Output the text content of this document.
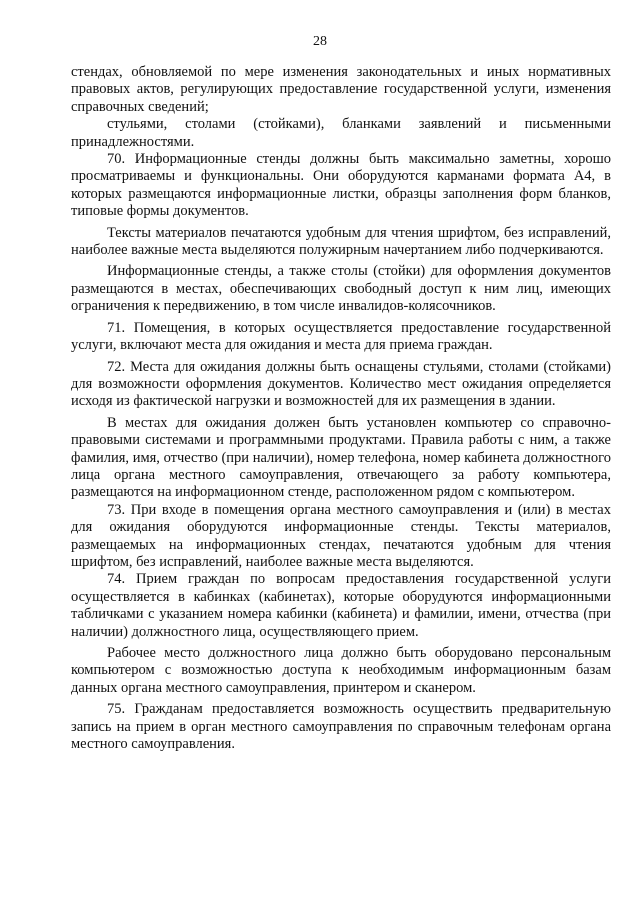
28

стендах, обновляемой по мере изменения законодательных и иных нормативных правовых актов, регулирующих предоставление государственной услуги, изменения справочных сведений;

стульями, столами (стойками), бланками заявлений и письменными принадлежностями.

70. Информационные стенды должны быть максимально заметны, хорошо просматриваемы и функциональны. Они оборудуются карманами формата А4, в которых размещаются информационные листки, образцы заполнения форм бланков, типовые формы документов.

Тексты материалов печатаются удобным для чтения шрифтом, без исправлений, наиболее важные места выделяются полужирным начертанием либо подчеркиваются.

Информационные стенды, а также столы (стойки) для оформления документов размещаются в местах, обеспечивающих свободный доступ к ним лиц, имеющих ограничения к передвижению, в том числе инвалидов-колясочников.

71. Помещения, в которых осуществляется предоставление государственной услуги, включают места для ожидания и места для приема граждан.

72. Места для ожидания должны быть оснащены стульями, столами (стойками) для возможности оформления документов. Количество мест ожидания определяется исходя из фактической нагрузки и возможностей для их размещения в здании.

В местах для ожидания должен быть установлен компьютер со справочно-правовыми системами и программными продуктами. Правила работы с ним, а также фамилия, имя, отчество (при наличии), номер телефона, номер кабинета должностного лица органа местного самоуправления, отвечающего за работу компьютера, размещаются на информационном стенде, расположенном рядом с компьютером.

73. При входе в помещения органа местного самоуправления и (или) в местах для ожидания оборудуются информационные стенды. Тексты материалов, размещаемых на информационных стендах, печатаются удобным для чтения шрифтом, без исправлений, наиболее важные места выделяются.

74. Прием граждан по вопросам предоставления государственной услуги осуществляется в кабинках (кабинетах), которые оборудуются информационными табличками с указанием номера кабинки (кабинета) и фамилии, имени, отчества (при наличии) должностного лица, осуществляющего прием.

Рабочее место должностного лица должно быть оборудовано персональным компьютером с возможностью доступа к необходимым информационным базам данных органа местного самоуправления, принтером и сканером.

75. Гражданам предоставляется возможность осуществить предварительную запись на прием в орган местного самоуправления по справочным телефонам органа местного самоуправления.
